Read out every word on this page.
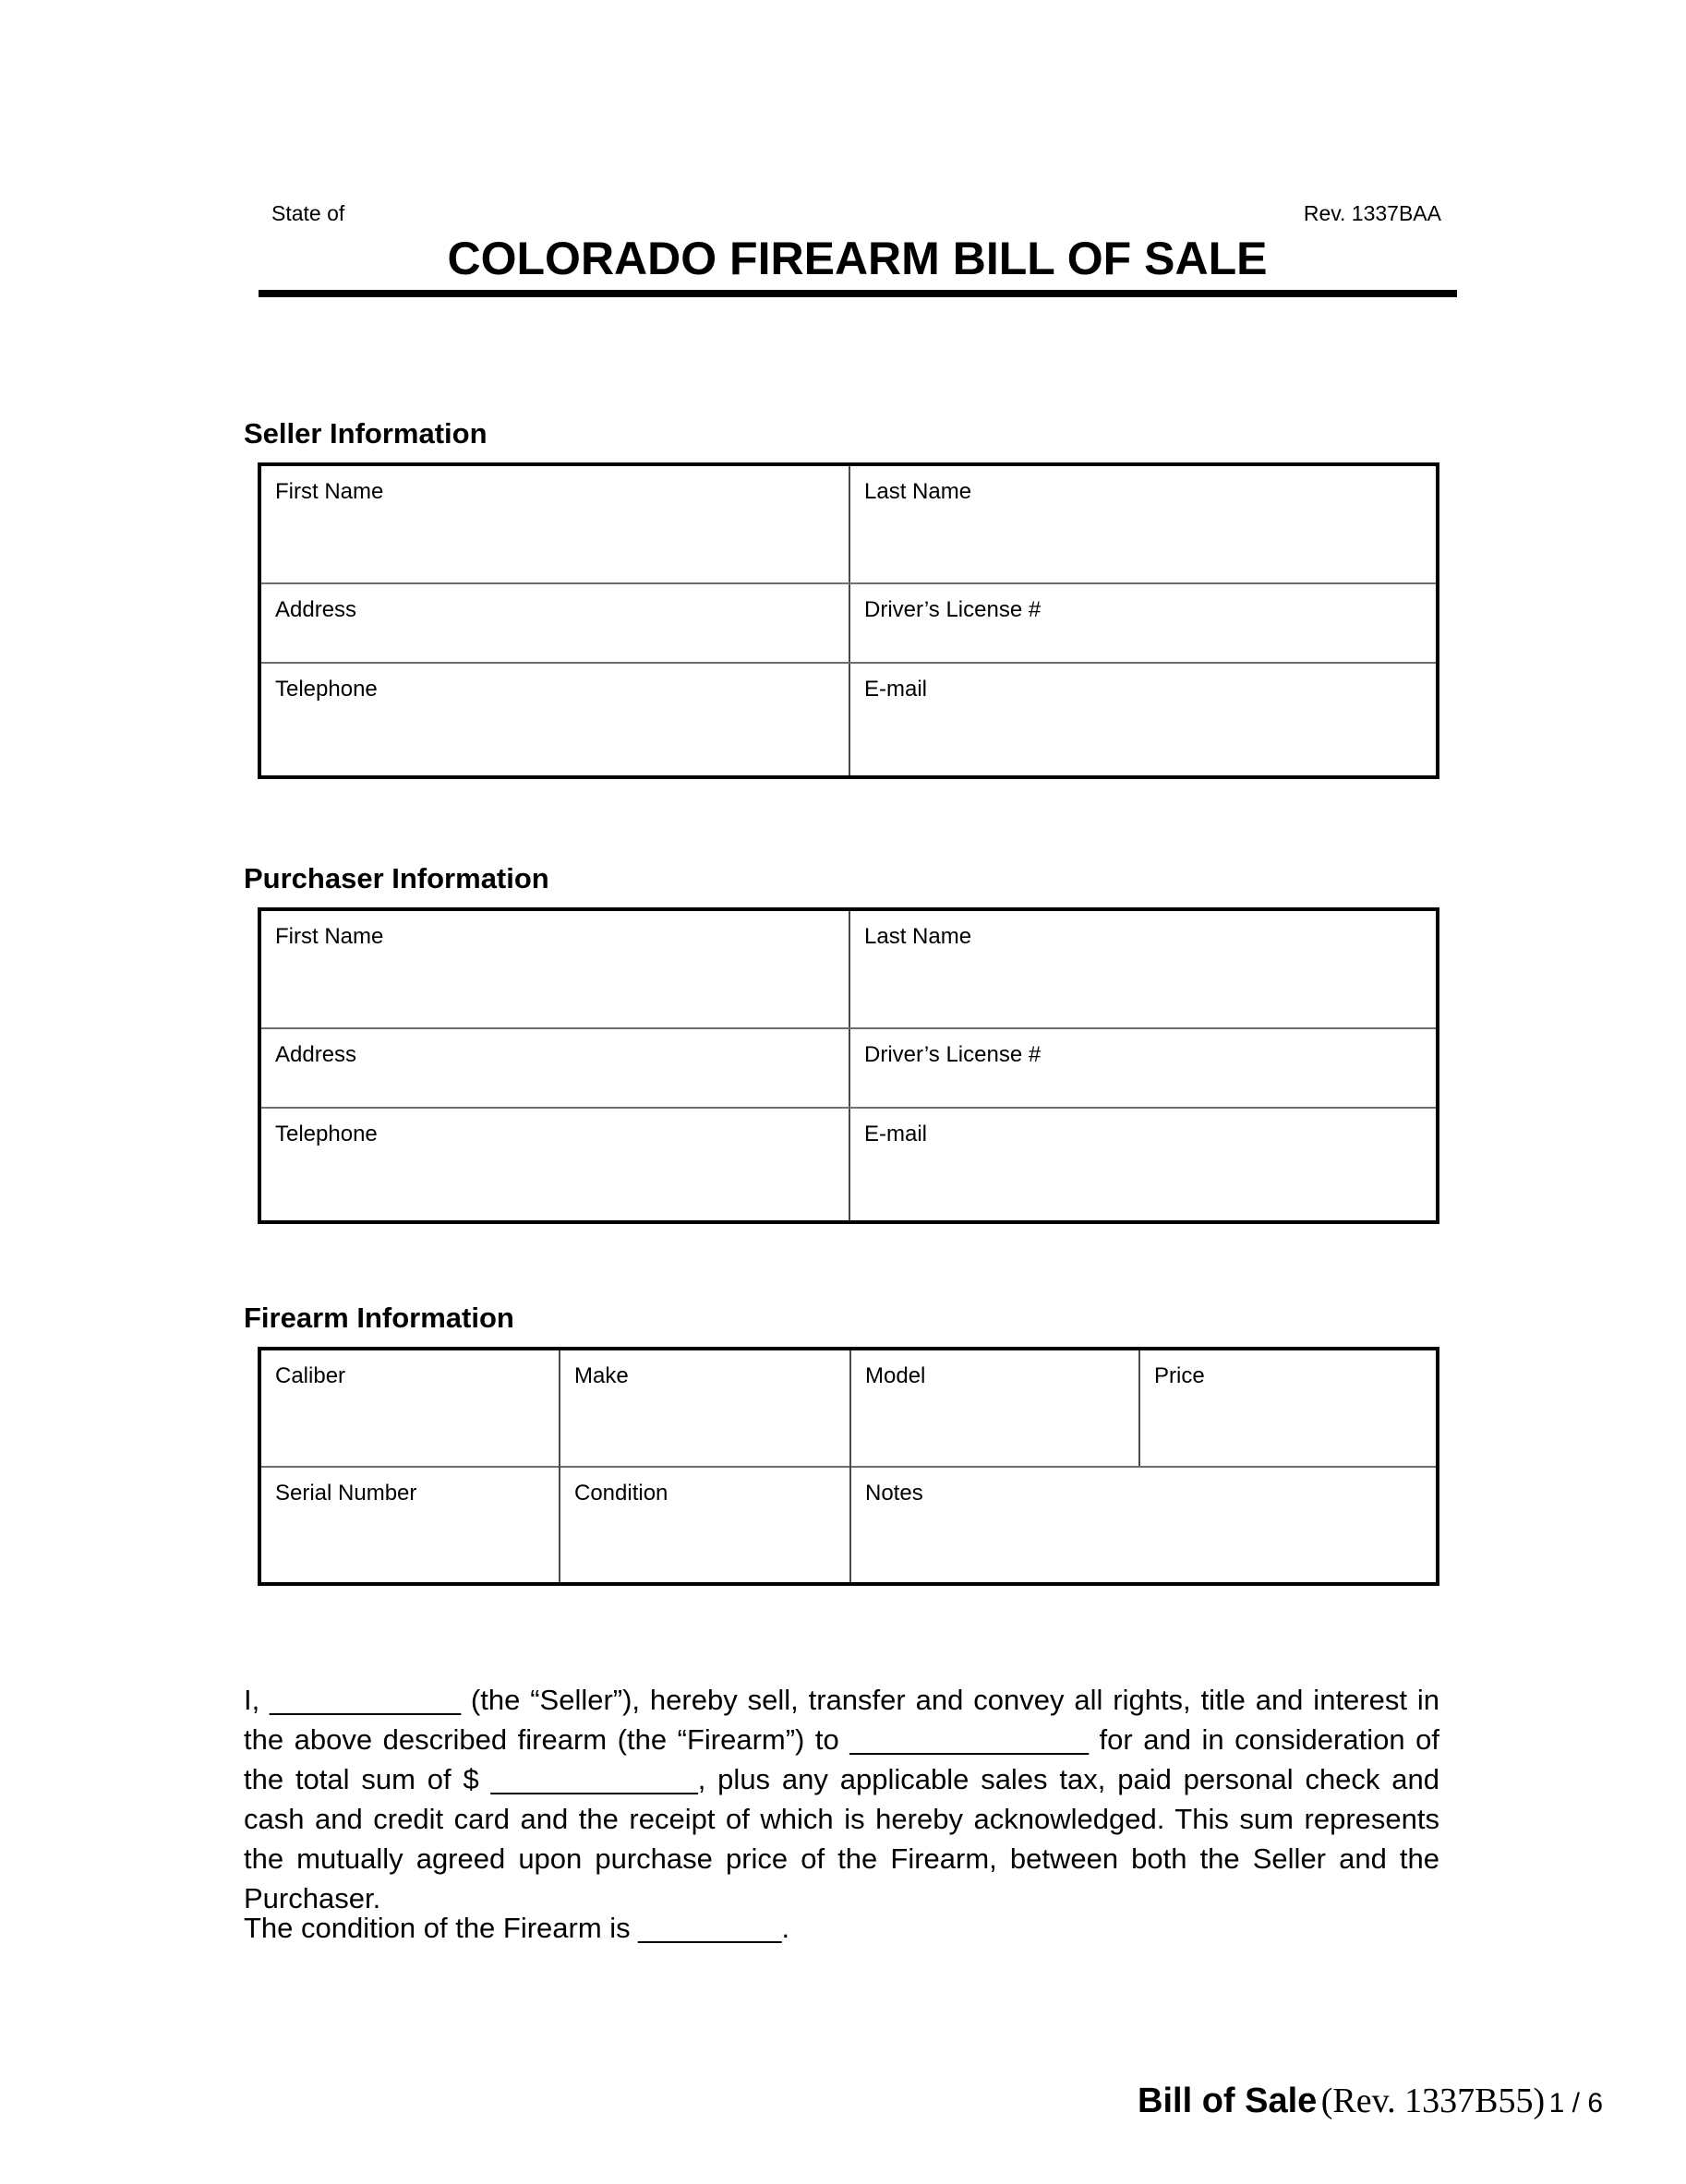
State of	Rev. 1337BAA
COLORADO FIREARM BILL OF SALE
Seller Information
First Name	Last Name
Address	Driver’s License #
Telephone	E-mail
Purchaser Information
First Name	Last Name
Address	Driver’s License #
Telephone	E-mail
Firearm Information
Caliber	Make	Model	Price
Serial Number	Condition	Notes
I, ____________ (the “Seller”), hereby sell, transfer and convey all rights, title and interest in the above described firearm (the “Firearm”) to _______________ for and in consideration of the total sum of $ _____________, plus any applicable sales tax, paid personal check and cash and credit card and the receipt of which is hereby acknowledged. This sum represents the mutually agreed upon purchase price of the Firearm, between both the Seller and the Purchaser.
The condition of the Firearm is _________.
Bill of Sale (Rev. 1337B55) 1 / 6
